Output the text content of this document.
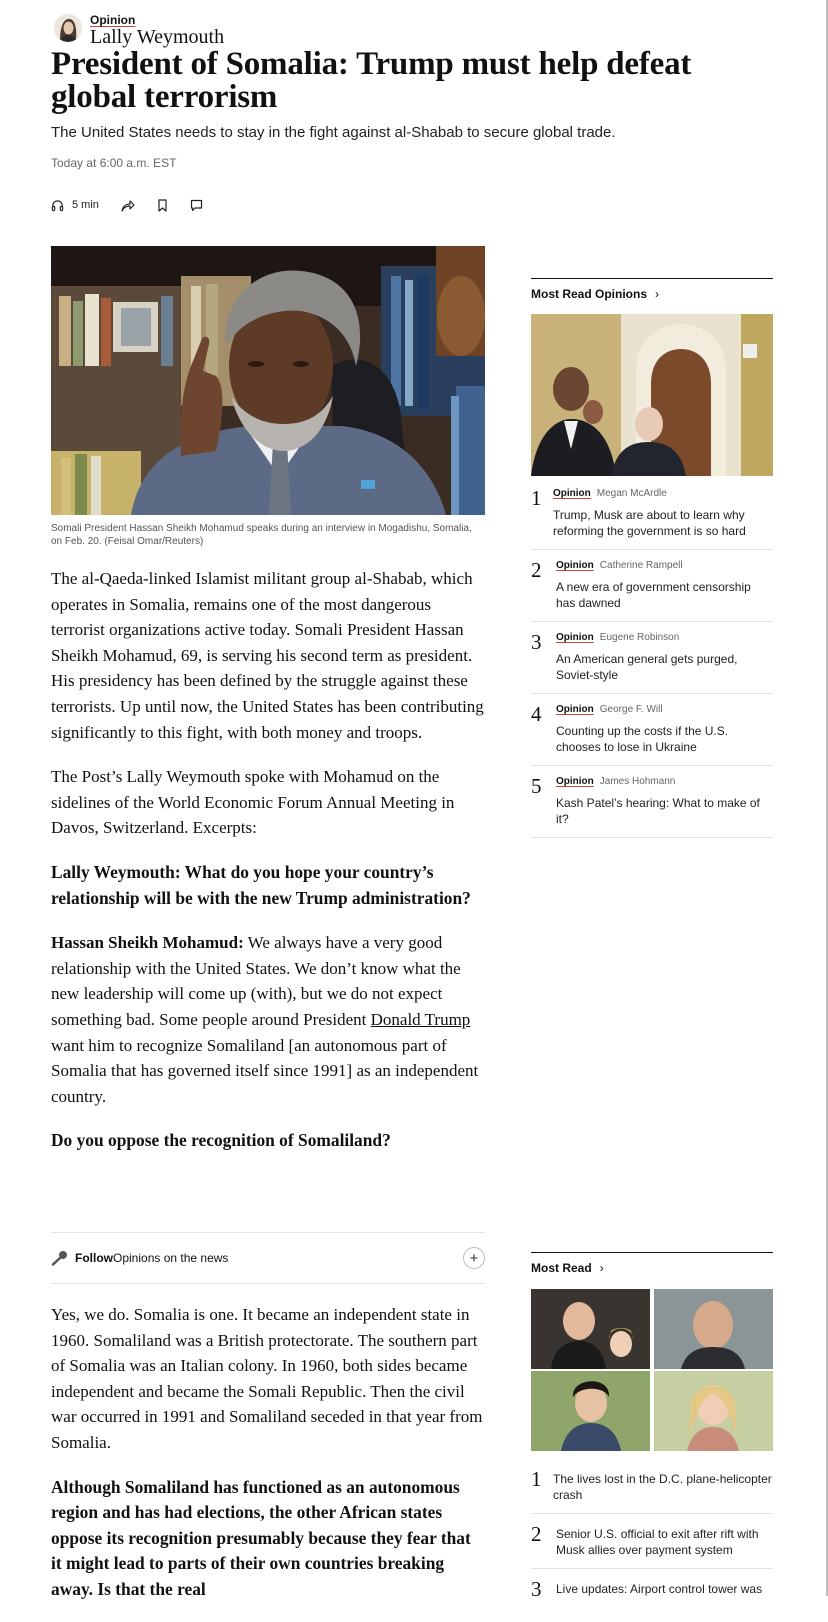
Opinion
Lally Weymouth
President of Somalia: Trump must help defeat global terrorism
The United States needs to stay in the fight against al-Shabab to secure global trade.
Today at 6:00 a.m. EST
5 min
Somali President Hassan Sheikh Mohamud speaks during an interview in Mogadishu, Somalia, on Feb. 20. (Feisal Omar/Reuters)

The al-Qaeda-linked Islamist militant group al-Shabab, which operates in Somalia, remains one of the most dangerous terrorist organizations active today. Somali President Hassan Sheikh Mohamud, 69, is serving his second term as president. His presidency has been defined by the struggle against these terrorists. Up until now, the United States has been contributing significantly to this fight, with both money and troops.

The Post’s Lally Weymouth spoke with Mohamud on the sidelines of the World Economic Forum Annual Meeting in Davos, Switzerland. Excerpts:

Lally Weymouth: What do you hope your country’s relationship will be with the new Trump administration?

Hassan Sheikh Mohamud: We always have a very good relationship with the United States. We don’t know what the new leadership will come up (with), but we do not expect something bad. Some people around President Donald Trump want him to recognize Somaliland [an autonomous part of Somalia that has governed itself since 1991] as an independent country.

Do you oppose the recognition of Somaliland?

Follow Opinions on the news	+

Yes, we do. Somalia is one. It became an independent state in 1960. Somaliland was a British protectorate. The southern part of Somalia was an Italian colony. In 1960, both sides became independent and became the Somali Republic. Then the civil war occurred in 1991 and Somaliland seceded in that year from Somalia.

Although Somaliland has functioned as an autonomous region and has had elections, the other African states oppose its recognition presumably because they fear that it might lead to parts of their own countries breaking away. Is that the real

Most Read Opinions ›
1	Opinion Megan McArdle
Trump, Musk are about to learn why reforming the government is so hard
2	Opinion Catherine Rampell
A new era of government censorship has dawned
3	Opinion Eugene Robinson
An American general gets purged, Soviet-style
4	Opinion George F. Will
Counting up the costs if the U.S. chooses to lose in Ukraine
5	Opinion James Hohmann
Kash Patel’s hearing: What to make of it?
Most Read ›
1 The lives lost in the D.C. plane-helicopter crash
2	Senior U.S. official to exit after rift with Musk allies over payment system
3	Live updates: Airport control tower was
